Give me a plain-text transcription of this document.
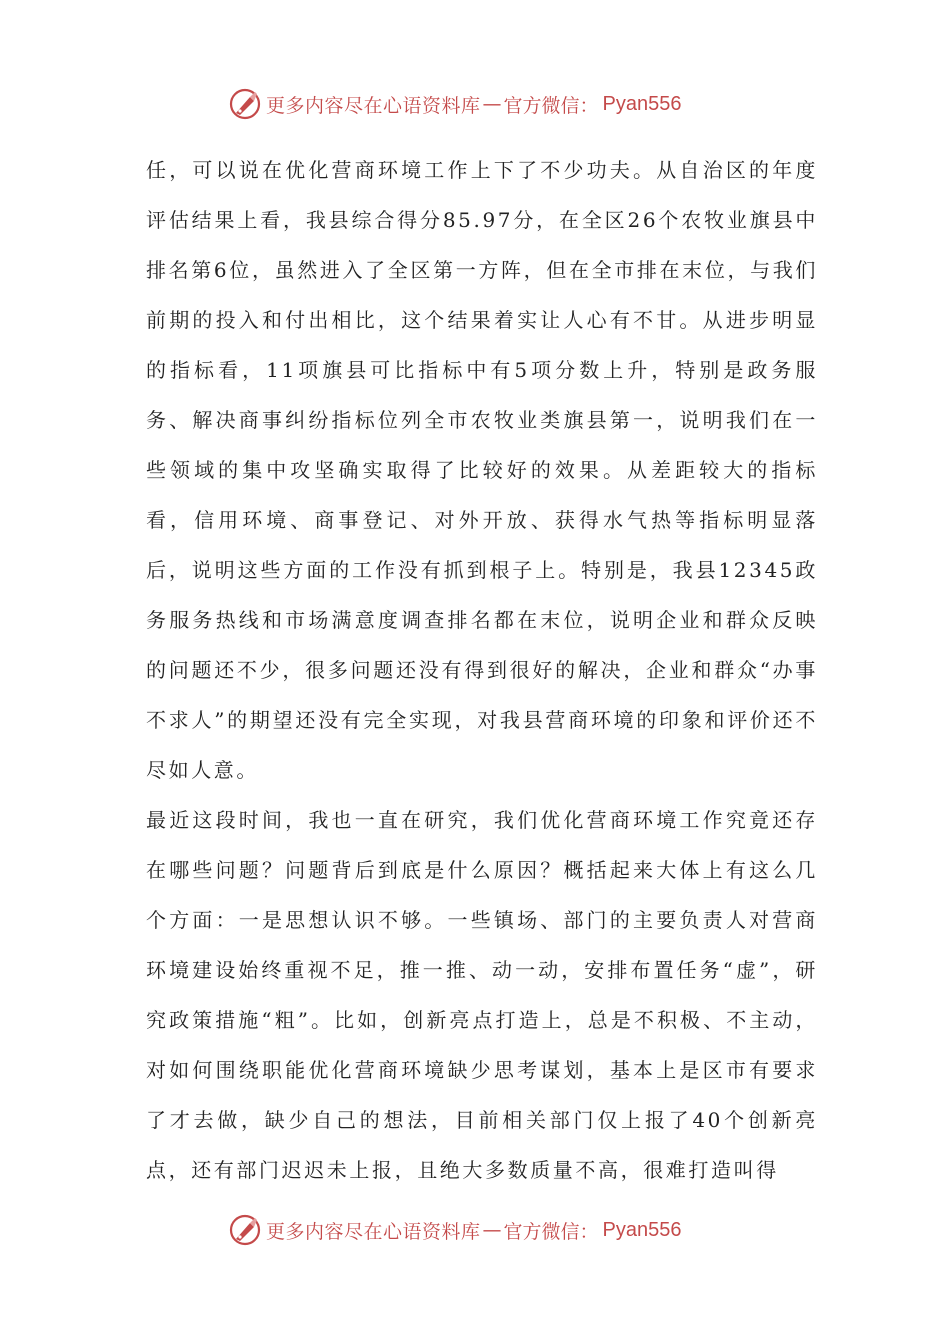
更多内容尽在心语资料库 — 官方微信： Pyan556

任，可以说在优化营商环境工作上下了不少功夫。从自治区的年度评估结果上看，我县综合得分85.97分，在全区26个农牧业旗县中排名第6位，虽然进入了全区第一方阵，但在全市排在末位，与我们前期的投入和付出相比，这个结果着实让人心有不甘。从进步明显的指标看，11项旗县可比指标中有5项分数上升，特别是政务服务、解决商事纠纷指标位列全市农牧业类旗县第一，说明我们在一些领域的集中攻坚确实取得了比较好的效果。从差距较大的指标看，信用环境、商事登记、对外开放、获得水气热等指标明显落后，说明这些方面的工作没有抓到根子上。特别是，我县12345政务服务热线和市场满意度调查排名都在末位，说明企业和群众反映的问题还不少，很多问题还没有得到很好的解决，企业和群众“办事不求人”的期望还没有完全实现，对我县营商环境的印象和评价还不尽如人意。

最近这段时间，我也一直在研究，我们优化营商环境工作究竟还存在哪些问题？问题背后到底是什么原因？概括起来大体上有这么几个方面：一是思想认识不够。一些镇场、部门的主要负责人对营商环境建设始终重视不足，推一推、动一动，安排布置任务“虚”，研究政策措施“粗”。比如，创新亮点打造上，总是不积极、不主动，对如何围绕职能优化营商环境缺少思考谋划，基本上是区市有要求了才去做，缺少自己的想法，目前相关部门仅上报了40个创新亮点，还有部门迟迟未上报，且绝大多数质量不高，很难打造叫得

更多内容尽在心语资料库 — 官方微信： Pyan556
